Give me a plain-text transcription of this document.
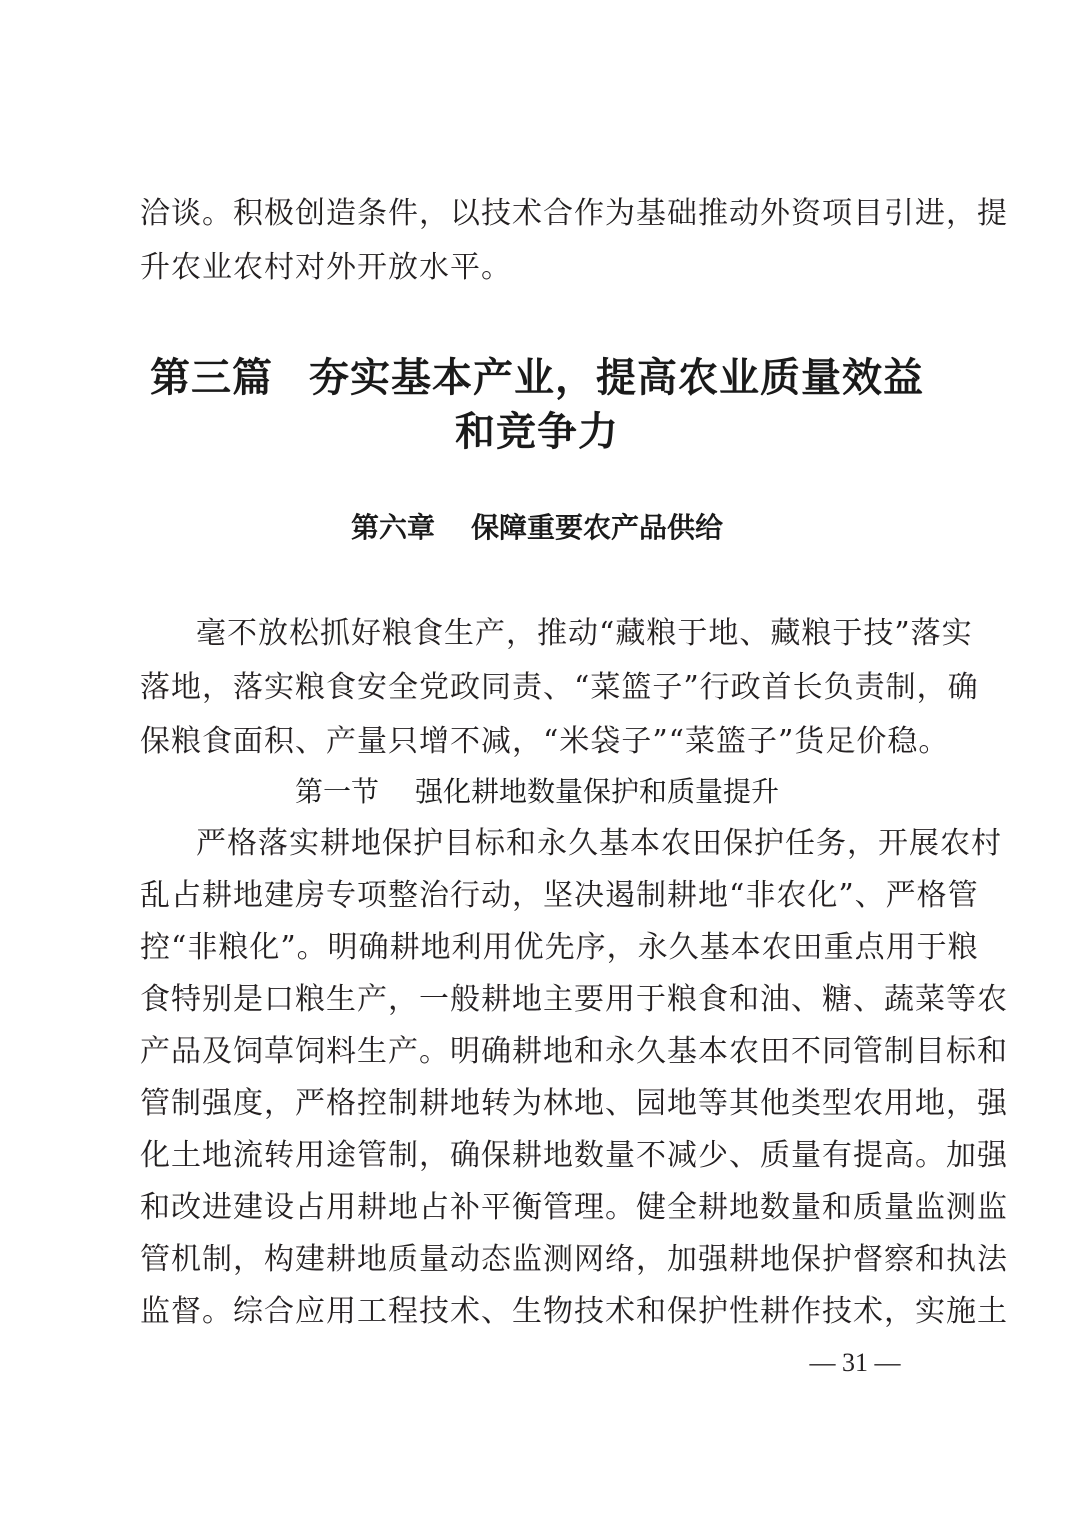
洽谈。积极创造条件，以技术合作为基础推动外资项目引进，提
升农业农村对外开放水平。
第三篇 夯实基本产业，提高农业质量效益
和竞争力
第六章 保障重要农产品供给
毫不放松抓好粮食生产，推动“藏粮于地、藏粮于技”落实
落地，落实粮食安全党政同责、“菜篮子”行政首长负责制，确
保粮食面积、产量只增不减，“米袋子”“菜篮子”货足价稳。
第一节 强化耕地数量保护和质量提升
严格落实耕地保护目标和永久基本农田保护任务，开展农村
乱占耕地建房专项整治行动，坚决遏制耕地“非农化”、严格管
控“非粮化”。明确耕地利用优先序，永久基本农田重点用于粮
食特别是口粮生产，一般耕地主要用于粮食和油、糖、蔬菜等农
产品及饲草饲料生产。明确耕地和永久基本农田不同管制目标和
管制强度，严格控制耕地转为林地、园地等其他类型农用地，强
化土地流转用途管制，确保耕地数量不减少、质量有提高。加强
和改进建设占用耕地占补平衡管理。健全耕地数量和质量监测监
管机制，构建耕地质量动态监测网络，加强耕地保护督察和执法
监督。综合应用工程技术、生物技术和保护性耕作技术，实施土
— 31 —
